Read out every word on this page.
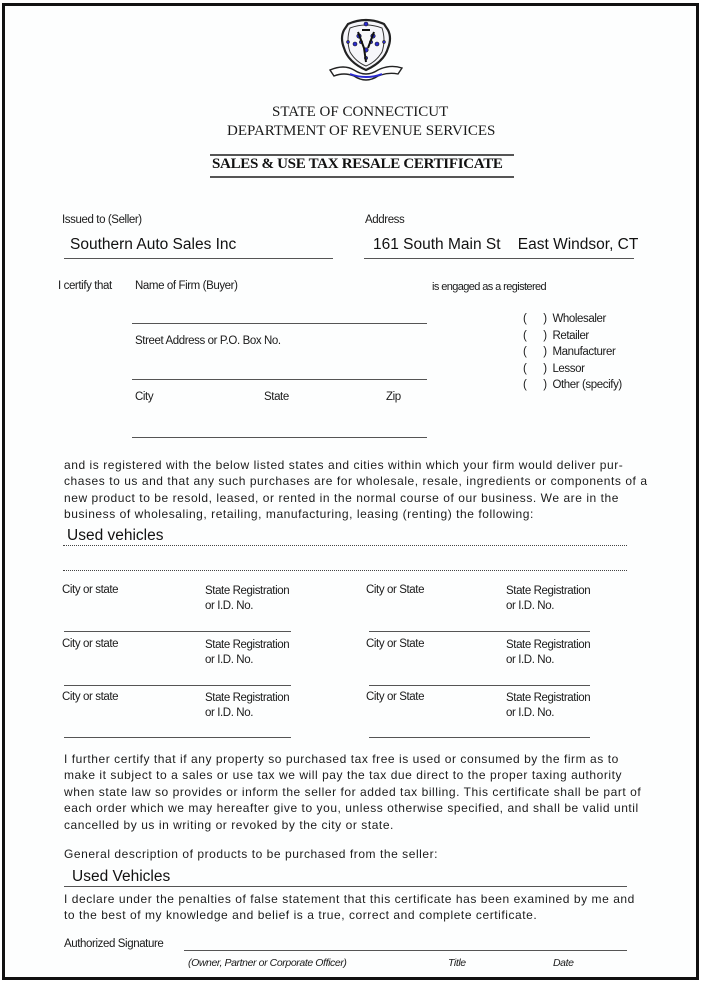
STATE OF CONNECTICUT
DEPARTMENT OF REVENUE SERVICES
SALES & USE TAX RESALE CERTIFICATE
Issued to (Seller)
Southern Auto Sales Inc
Address
161 South Main St    East Windsor, CT
I certify that Name of Firm (Buyer)	is engaged as a registered
Street Address or P.O. Box No.
City	State	Zip
(      ) Wholesaler
(      ) Retailer
(      ) Manufacturer
(      ) Lessor
(      ) Other (specify)
and is registered with the below listed states and cities within which your firm would deliver pur-
chases to us and that any such purchases are for wholesale, resale, ingredients or components of a
new product to be resold, leased, or rented in the normal course of our business. We are in the
business of wholesaling, retailing, manufacturing, leasing (renting) the following:
Used vehicles
City or state	State Registration
or I.D. No.
City or State	State Registration
or I.D. No.
City or state	State Registration
or I.D. No.
City or State	State Registration
or I.D. No.
City or state	State Registration
or I.D. No.
City or State	State Registration
or I.D. No.
I further certify that if any property so purchased tax free is used or consumed by the firm as to
make it subject to a sales or use tax we will pay the tax due direct to the proper taxing authority
when state law so provides or inform the seller for added tax billing. This certificate shall be part of
each order which we may hereafter give to you, unless otherwise specified, and shall be valid until
cancelled by us in writing or revoked by the city or state.
General description of products to be purchased from the seller:
Used Vehicles
I declare under the penalties of false statement that this certificate has been examined by me and
to the best of my knowledge and belief is a true, correct and complete certificate.
Authorized Signature
(Owner, Partner or Corporate Officer)	Title	Date
